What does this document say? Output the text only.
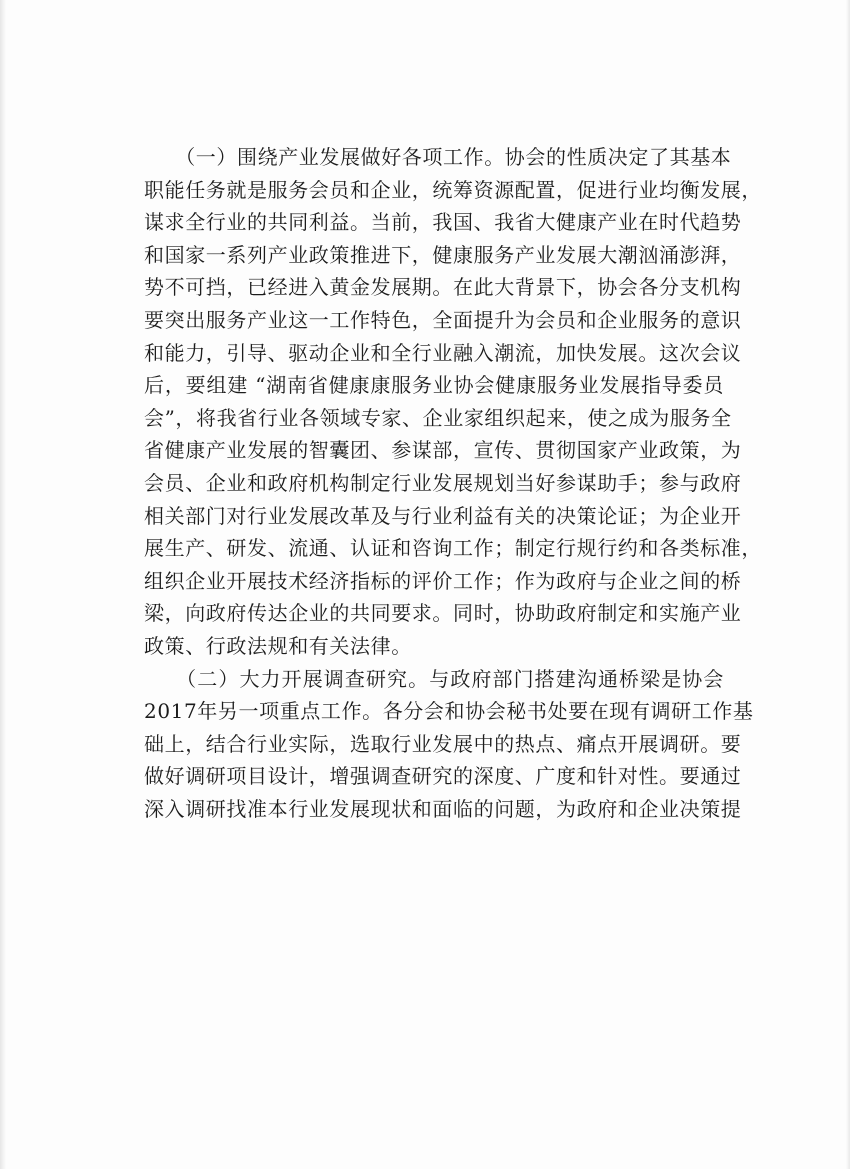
　　（一）围绕产业发展做好各项工作。协会的性质决定了其基本
职能任务就是服务会员和企业，统筹资源配置，促进行业均衡发展，
谋求全行业的共同利益。当前，我国、我省大健康产业在时代趋势
和国家一系列产业政策推进下，健康服务产业发展大潮汹涌澎湃，
势不可挡，已经进入黄金发展期。在此大背景下，协会各分支机构
要突出服务产业这一工作特色，全面提升为会员和企业服务的意识
和能力，引导、驱动企业和全行业融入潮流，加快发展。这次会议
后，要组建 “湖南省健康康服务业协会健康服务业发展指导委员
会”，将我省行业各领域专家、企业家组织起来，使之成为服务全
省健康产业发展的智囊团、参谋部，宣传、贯彻国家产业政策，为
会员、企业和政府机构制定行业发展规划当好参谋助手；参与政府
相关部门对行业发展改革及与行业利益有关的决策论证；为企业开
展生产、研发、流通、认证和咨询工作；制定行规行约和各类标准，
组织企业开展技术经济指标的评价工作；作为政府与企业之间的桥
梁，向政府传达企业的共同要求。同时，协助政府制定和实施产业
政策、行政法规和有关法律。
　　（二）大力开展调查研究。与政府部门搭建沟通桥梁是协会
2017年另一项重点工作。各分会和协会秘书处要在现有调研工作基
础上，结合行业实际，选取行业发展中的热点、痛点开展调研。要
做好调研项目设计，增强调查研究的深度、广度和针对性。要通过
深入调研找准本行业发展现状和面临的问题，为政府和企业决策提
